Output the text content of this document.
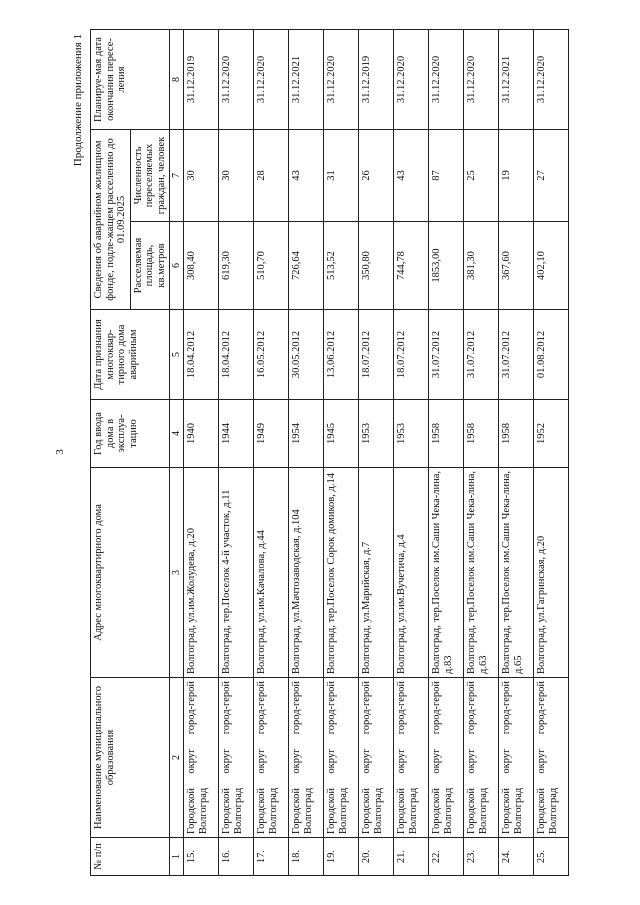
3
Продолжение приложения 1
№ п/п	Наименование муниципального образования	Адрес многоквартирного дома	Год ввода дома в эксплуа-тацию	Дата признания многоквар-тирного дома аварийным	Сведения об аварийном жилищном фонде, подле-жащем расселению до 01.09.2025		Планируе-мая дата окончания пересе-ления
					Расселяемая площадь, кв.метров	Численность переселяемых граждан, человек	
1	2	3	4	5	6	7	8
15.	Городской округ город-герой Волгоград	Волгоград, ул.им.Жолудева, д.20	1940	18.04.2012	308,40	30	31.12.2019
16.	Городской округ город-герой Волгоград	Волгоград, тер.Поселок 4-й участок, д.11	1944	18.04.2012	619,30	30	31.12.2020
17.	Городской округ город-герой Волгоград	Волгоград, ул.им.Качалова, д.44	1949	16.05.2012	510,70	28	31.12.2020
18.	Городской округ город-герой Волгоград	Волгоград, ул.Мачтозаводская, д.104	1954	30.05.2012	726,64	43	31.12.2021
19.	Городской округ город-герой Волгоград	Волгоград, тер.Поселок Сорок домиков, д.14	1945	13.06.2012	513,52	31	31.12.2020
20.	Городской округ город-герой Волгоград	Волгоград, ул.Марийская, д.7	1953	18.07.2012	350,80	26	31.12.2019
21.	Городской округ город-герой Волгоград	Волгоград, ул.им.Вучетича, д.4	1953	18.07.2012	744,78	43	31.12.2020
22.	Городской округ город-герой Волгоград	Волгоград, тер.Поселок им.Саши Чека-лина, д.83	1958	31.07.2012	1853,00	87	31.12.2020
23.	Городской округ город-герой Волгоград	Волгоград, тер.Поселок им.Саши Чека-лина, д.63	1958	31.07.2012	381,30	25	31.12.2020
24.	Городской округ город-герой Волгоград	Волгоград, тер.Поселок им.Саши Чека-лина, д.65	1958	31.07.2012	367,60	19	31.12.2021
25.	Городской округ город-герой Волгоград	Волгоград, ул.Гагринская, д.20	1952	01.08.2012	402,10	27	31.12.2020
